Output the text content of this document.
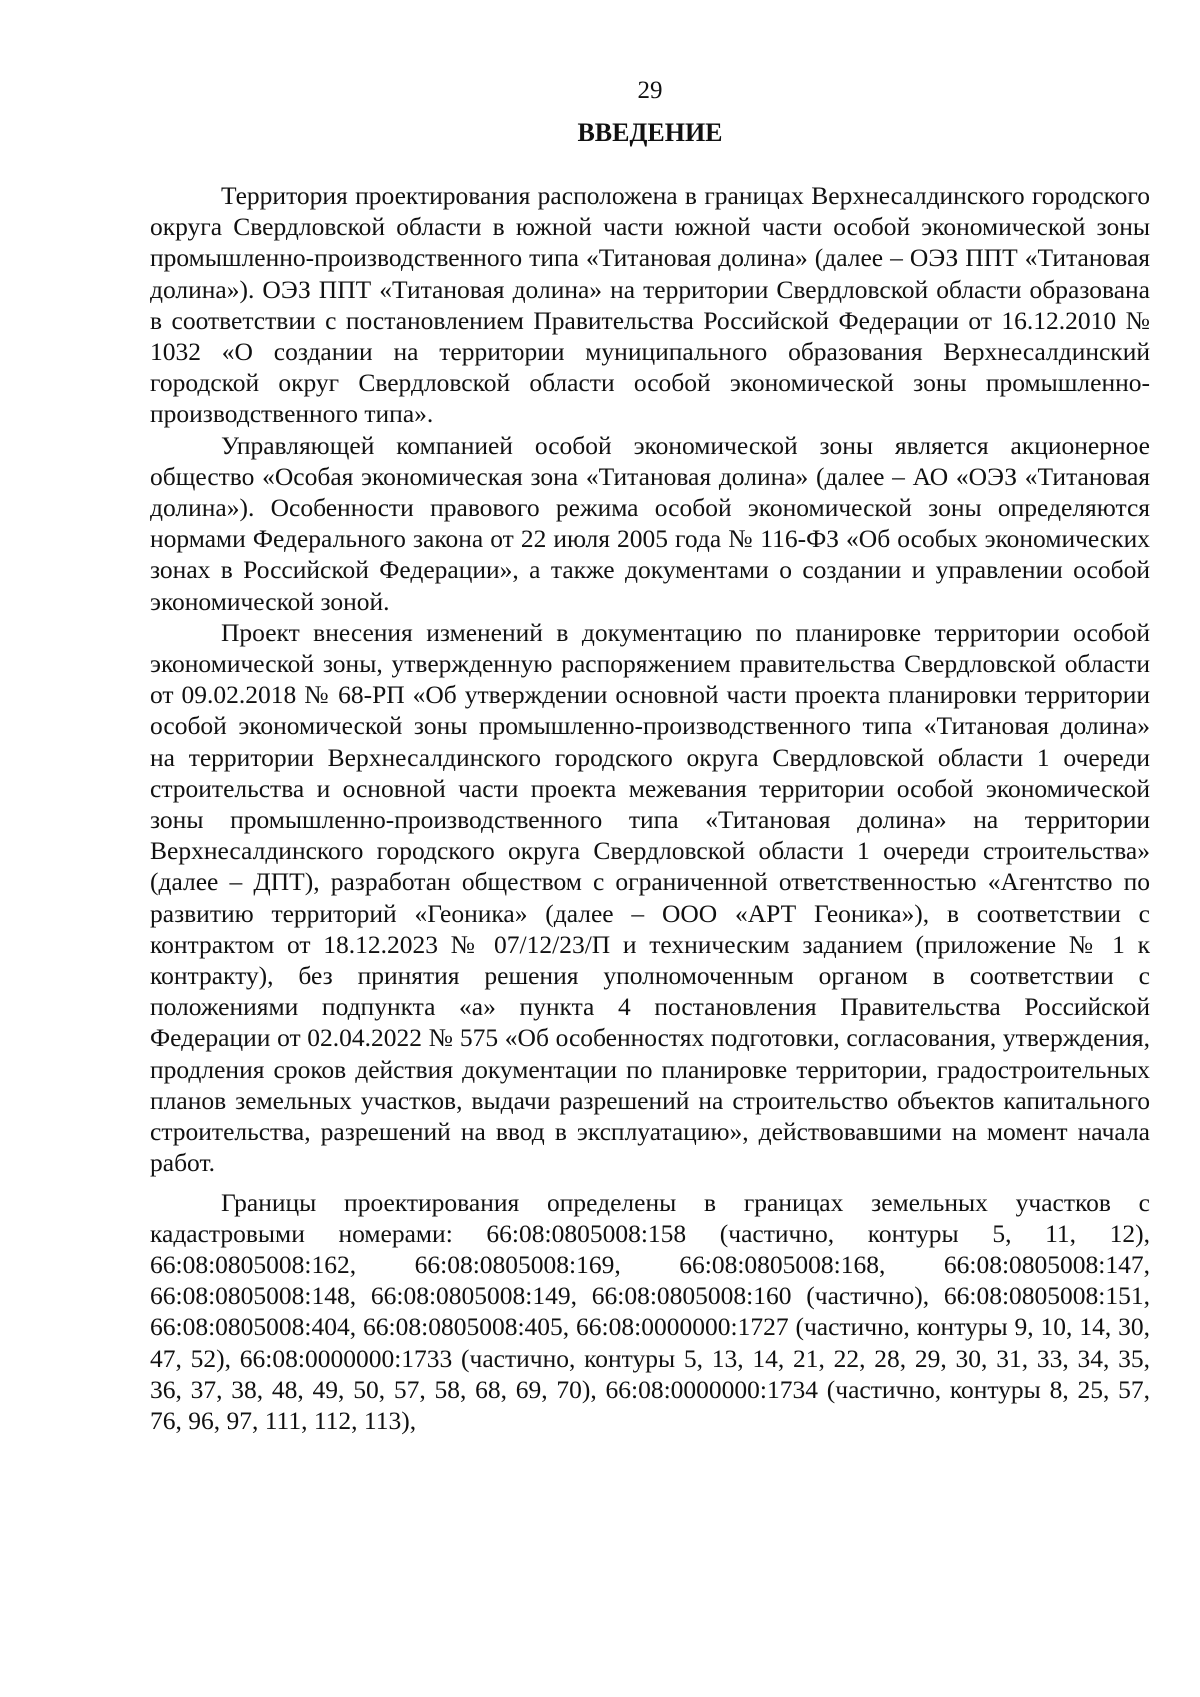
29
ВВЕДЕНИЕ

Территория проектирования расположена в границах Верхнесалдинского городского округа Свердловской области в южной части южной части особой экономической зоны промышленно-производственного типа «Титановая долина» (далее – ОЭЗ ППТ «Титановая долина»). ОЭЗ ППТ «Титановая долина» на территории Свердловской области образована в соответствии с постановлением Правительства Российской Федерации от 16.12.2010 № 1032 «О создании на территории муниципального образования Верхнесалдинский городской округ Свердловской области особой экономической зоны промышленно-производственного типа».

Управляющей компанией особой экономической зоны является акционерное общество «Особая экономическая зона «Титановая долина» (далее – АО «ОЭЗ «Титановая долина»). Особенности правового режима особой экономической зоны определяются нормами Федерального закона от 22 июля 2005 года № 116-ФЗ «Об особых экономических зонах в Российской Федерации», а также документами о создании и управлении особой экономической зоной.

Проект внесения изменений в документацию по планировке территории особой экономической зоны, утвержденную распоряжением правительства Свердловской области от 09.02.2018 № 68-РП «Об утверждении основной части проекта планировки территории особой экономической зоны промышленно-производственного типа «Титановая долина» на территории Верхнесалдинского городского округа Свердловской области 1 очереди строительства и основной части проекта межевания территории особой экономической зоны промышленно-производственного типа «Титановая долина» на территории Верхнесалдинского городского округа Свердловской области 1 очереди строительства» (далее – ДПТ), разработан обществом с ограниченной ответственностью «Агентство по развитию территорий «Геоника» (далее – ООО «АРТ Геоника»), в соответствии с контрактом от 18.12.2023 № 07/12/23/П и техническим заданием (приложение № 1 к контракту), без принятия решения уполномоченным органом в соответствии с положениями подпункта «а» пункта 4 постановления Правительства Российской Федерации от 02.04.2022 № 575 «Об особенностях подготовки, согласования, утверждения, продления сроков действия документации по планировке территории, градостроительных планов земельных участков, выдачи разрешений на строительство объектов капитального строительства, разрешений на ввод в эксплуатацию», действовавшими на момент начала работ.

Границы проектирования определены в границах земельных участков с кадастровыми номерами: 66:08:0805008:158 (частично, контуры 5, 11, 12), 66:08:0805008:162, 66:08:0805008:169, 66:08:0805008:168, 66:08:0805008:147, 66:08:0805008:148, 66:08:0805008:149, 66:08:0805008:160 (частично), 66:08:0805008:151, 66:08:0805008:404, 66:08:0805008:405, 66:08:0000000:1727 (частично, контуры 9, 10, 14, 30, 47, 52), 66:08:0000000:1733 (частично, контуры 5, 13, 14, 21, 22, 28, 29, 30, 31, 33, 34, 35, 36, 37, 38, 48, 49, 50, 57, 58, 68, 69, 70), 66:08:0000000:1734 (частично, контуры 8, 25, 57, 76, 96, 97, 111, 112, 113),
